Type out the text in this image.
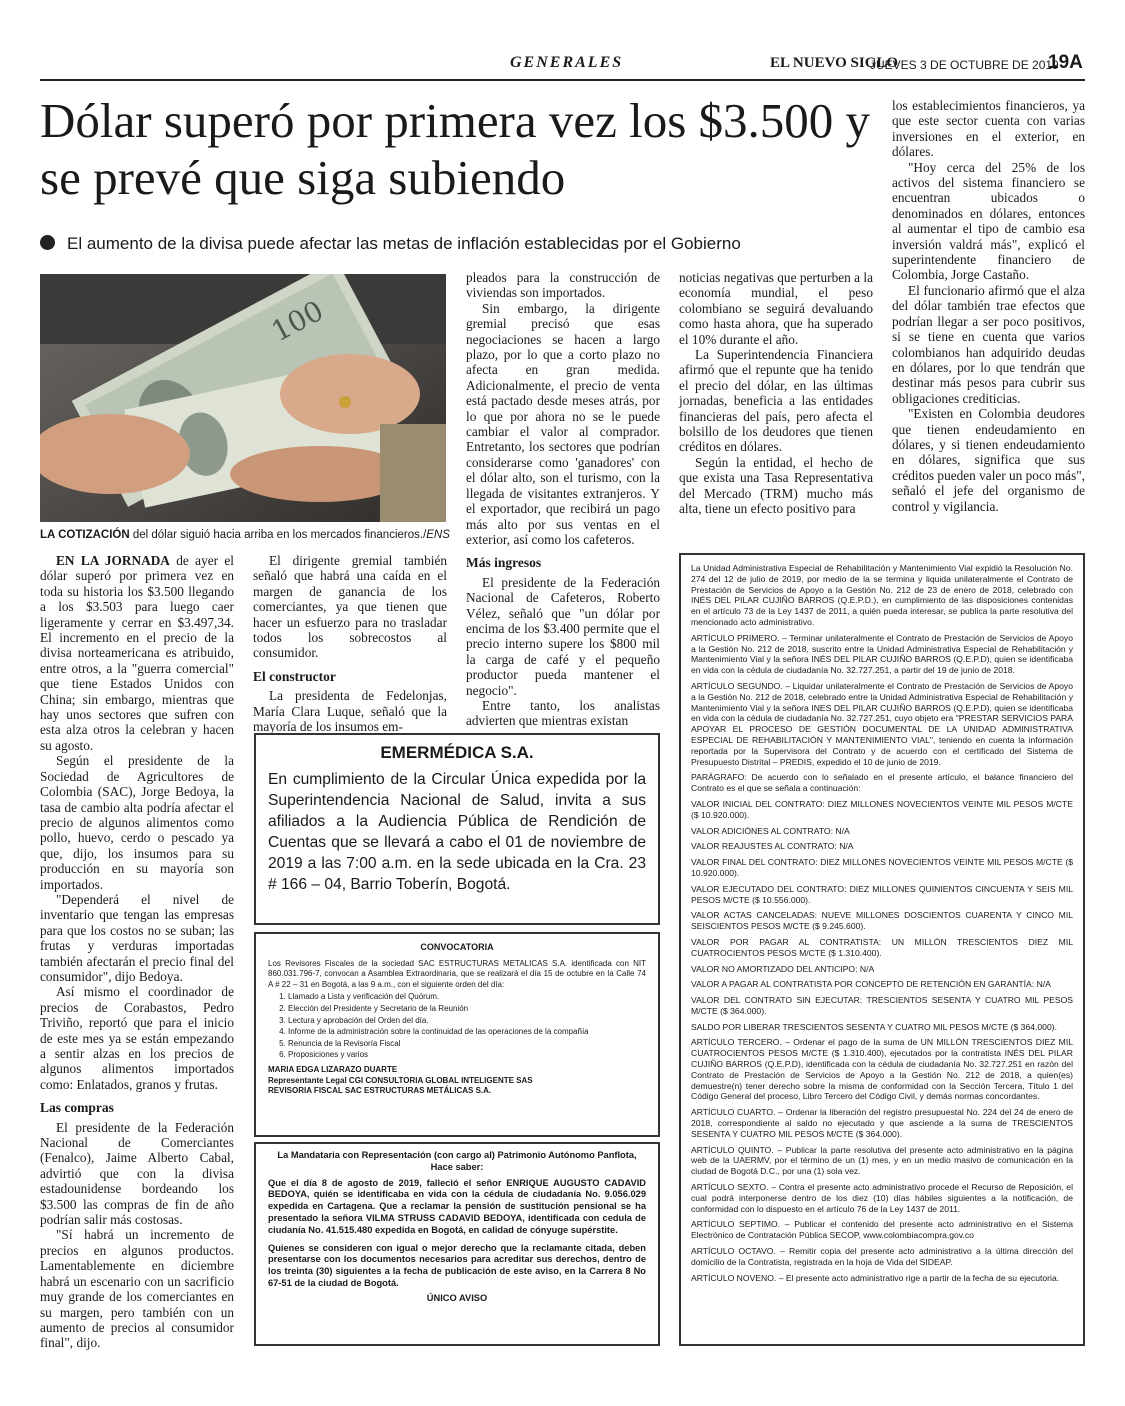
GENERALES	EL NUEVO SIGLO
JUEVES 3 DE OCTUBRE DE 2019
19A
Dólar superó por primera vez los $3.500 y se prevé que siga subiendo
El aumento de la divisa puede afectar las metas de inflación establecidas por el Gobierno
100
LA COTIZACIÓN del dólar siguió hacia arriba en los mercados financieros./ENS

EN LA JORNADA de ayer el dólar superó por primera vez en toda su historia los $3.500 llegando a los $3.503 para luego caer ligeramente y cerrar en $3.497,34. El incremento en el precio de la divisa norteamericana es atribuido, entre otros, a la "guerra comercial" que tiene Estados Unidos con China; sin embargo, mientras que hay unos sectores que sufren con esta alza otros la celebran y hacen su agosto.

Según el presidente de la Sociedad de Agricultores de Colombia (SAC), Jorge Bedoya, la tasa de cambio alta podría afectar el precio de algunos alimentos como pollo, huevo, cerdo o pescado ya que, dijo, los insumos para su producción en su mayoría son importados.

"Dependerá el nivel de inventario que tengan las empresas para que los costos no se suban; las frutas y verduras importadas también afectarán el precio final del consumidor", dijo Bedoya.

Así mismo el coordinador de precios de Corabastos, Pedro Triviño, reportó que para el inicio de este mes ya se están empezando a sentir alzas en los precios de algunos alimentos importados como: Enlatados, granos y frutas.

Las compras

El presidente de la Federación Nacional de Comerciantes (Fenalco), Jaime Alberto Cabal, advirtió que con la divisa estadounidense bordeando los $3.500 las compras de fin de año podrían salir más costosas.

"Sí habrá un incremento de precios en algunos productos. Lamentablemente en diciembre habrá un escenario con un sacrificio muy grande de los comerciantes en su margen, pero también con un aumento de precios al consumidor final", dijo.

El dirigente gremial también señaló que habrá una caída en el margen de ganancia de los comerciantes, ya que tienen que hacer un esfuerzo para no trasladar todos los sobrecostos al consumidor.

El constructor

La presidenta de Fedelonjas, María Clara Luque, señaló que la mayoría de los insumos em-

pleados para la construcción de viviendas son importados.

Sin embargo, la dirigente gremial precisó que esas negociaciones se hacen a largo plazo, por lo que a corto plazo no afecta en gran medida. Adicionalmente, el precio de venta está pactado desde meses atrás, por lo que por ahora no se le puede cambiar el valor al comprador. Entretanto, los sectores que podrían considerarse como 'ganadores' con el dólar alto, son el turismo, con la llegada de visitantes extranjeros. Y el exportador, que recibirá un pago más alto por sus ventas en el exterior, así como los cafeteros.

Más ingresos

El presidente de la Federación Nacional de Cafeteros, Roberto Vélez, señaló que "un dólar por encima de los $3.400 permite que el precio interno supere los $800 mil la carga de café y el pequeño productor pueda mantener el negocio".

Entre tanto, los analistas advierten que mientras existan

noticias negativas que perturben a la economía mundial, el peso colombiano se seguirá devaluando como hasta ahora, que ha superado el 10% durante el año.

La Superintendencia Financiera afirmó que el repunte que ha tenido el precio del dólar, en las últimas jornadas, beneficia a las entidades financieras del país, pero afecta el bolsillo de los deudores que tienen créditos en dólares.

Según la entidad, el hecho de que exista una Tasa Representativa del Mercado (TRM) mucho más alta, tiene un efecto positivo para

los establecimientos financieros, ya que este sector cuenta con varias inversiones en el exterior, en dólares.

"Hoy cerca del 25% de los activos del sistema financiero se encuentran ubicados o denominados en dólares, entonces al aumentar el tipo de cambio esa inversión valdrá más", explicó el superintendente financiero de Colombia, Jorge Castaño.

El funcionario afirmó que el alza del dólar también trae efectos que podrían llegar a ser poco positivos, si se tiene en cuenta que varios colombianos han adquirido deudas en dólares, por lo que tendrán que destinar más pesos para cubrir sus obligaciones crediticias.

"Existen en Colombia deudores que tienen endeudamiento en dólares, y si tienen endeudamiento en dólares, significa que sus créditos pueden valer un poco más", señaló el jefe del organismo de control y vigilancia.

EMERMÉDICA S.A.
En cumplimiento de la Circular Única expedida por la Superintendencia Nacional de Salud, invita a sus afiliados a la Audiencia Pública de Rendición de Cuentas que se llevará a cabo el 01 de noviembre de 2019 a las 7:00 a.m. en la sede ubicada en la Cra. 23 # 166 – 04, Barrio Toberín, Bogotá.
CONVOCATORIA
Los Revisores Fiscales de la sociedad SAC ESTRUCTURAS METALICAS S.A. identificada con NIT 860.031.796-7, convocan a Asamblea Extraordinaria, que se realizará el día 15 de octubre en la Calle 74 A # 22 – 31 en Bogotá, a las 9 a.m., con el siguiente orden del día:
1. Llamado a Lista y verificación del Quórum.
2. Elección del Presidente y Secretario de la Reunión
3. Lectura y aprobación del Orden del día.
4. Informe de la administración sobre la continuidad de las operaciones de la compañía
5. Renuncia de la Revisoría Fiscal
6. Proposiciones y varios
MARIA EDGA LIZARAZO DUARTE
Representante Legal CGI CONSULTORIA GLOBAL INTELIGENTE SAS
REVISORIA FISCAL SAC ESTRUCTURAS METÁLICAS S.A.
La Mandataria con Representación (con cargo al) Patrimonio Autónomo Panflota,
Hace saber:
Que el día 8 de agosto de 2019, falleció el señor ENRIQUE AUGUSTO CADAVID BEDOYA, quién se identificaba en vida con la cédula de ciudadanía No. 9.056.029 expedida en Cartagena. Que a reclamar la pensión de sustitución pensional se ha presentado la señora VILMA STRUSS CADAVID BEDOYA, identificada con cedula de ciudanía No. 41.515.480 expedida en Bogotá, en calidad de cónyuge supérstite.
Quienes se consideren con igual o mejor derecho que la reclamante citada, deben presentarse con los documentos necesarios para acreditar sus derechos, dentro de los treinta (30) siguientes a la fecha de publicación de este aviso, en la Carrera 8 No 67-51 de la ciudad de Bogotá.
ÚNICO AVISO

La Unidad Administrativa Especial de Rehabilitación y Mantenimiento Vial expidió la Resolución No. 274 del 12 de julio de 2019, por medio de la se termina y liquida unilateralmente el Contrato de Prestación de Servicios de Apoyo a la Gestión No. 212 de 23 de enero de 2018, celebrado con INÉS DEL PILAR CUJIÑO BARROS (Q.E.P.D.), en cumplimiento de las disposiciones contenidas en el artículo 73 de la Ley 1437 de 2011, a quién pueda interesar, se publica la parte resolutiva del mencionado acto administrativo.

ARTÍCULO PRIMERO. – Terminar unilateralmente el Contrato de Prestación de Servicios de Apoyo a la Gestión No. 212 de 2018, suscrito entre la Unidad Administrativa Especial de Rehabilitación y Mantenimiento Vial y la señora INÉS DEL PILAR CUJIÑO BARROS (Q.E.P.D), quien se identificaba en vida con la cédula de ciudadanía No. 32.727.251, a partir del 19 de junio de 2018.

ARTÍCULO SEGUNDO. – Liquidar unilateralmente el Contrato de Prestación de Servicios de Apoyo a la Gestión No. 212 de 2018, celebrado entre la Unidad Administrativa Especial de Rehabilitación y Mantenimiento Vial y la señora INES DEL PILAR CUJIÑO BARROS (Q.E.P.D), quien se identificaba en vida con la cédula de ciudadanía No. 32.727.251, cuyo objeto era "PRESTAR SERVICIOS PARA APOYAR EL PROCESO DE GESTIÓN DOCUMENTAL DE LA UNIDAD ADMINISTRATIVA ESPECIAL DE REHABILITACIÓN Y MANTENIMIENTO VIAL", teniendo en cuenta la información reportada por la Supervisora del Contrato y de acuerdo con el certificado del Sistema de Presupuesto Distrital – PREDIS, expedido el 10 de junio de 2019.

PARÁGRAFO: De acuerdo con lo señalado en el presente artículo, el balance financiero del Contrato es el que se señala a continuación:

VALOR INICIAL DEL CONTRATO: DIEZ MILLONES NOVECIENTOS VEINTE MIL PESOS M/CTE ($ 10.920.000).

VALOR ADICIÓNES AL CONTRATO: N/A

VALOR REAJUSTES AL CONTRATO: N/A

VALOR FINAL DEL CONTRATO: DIEZ MILLONES NOVECIENTOS VEINTE MIL PESOS M/CTE ($ 10.920.000).

VALOR EJECUTADO DEL CONTRATO: DIEZ MILLONES QUINIENTOS CINCUENTA Y SEIS MIL PESOS M/CTE ($ 10.556.000).

VALOR ACTAS CANCELADAS: NUEVE MILLONES DOSCIENTOS CUARENTA Y CINCO MIL SEISCIENTOS PESOS M/CTE ($ 9.245.600).

VALOR POR PAGAR AL CONTRATISTA: UN MILLÓN TRESCIENTOS DIEZ MIL CUATROCIENTOS PESOS M/CTE ($ 1.310.400).

VALOR NO AMORTIZADO DEL ANTICIPO: N/A

VALOR A PAGAR AL CONTRATISTA POR CONCEPTO DE RETENCIÓN EN GARANTÍA: N/A

VALOR DEL CONTRATO SIN EJECUTAR: TRESCIENTOS SESENTA Y CUATRO MIL PESOS M/CTE ($ 364.000).

SALDO POR LIBERAR TRESCIENTOS SESENTA Y CUATRO MIL PESOS M/CTE ($ 364.000).

ARTÍCULO TERCERO. – Ordenar el pago de la suma de UN MILLÓN TRESCIENTOS DIEZ MIL CUATROCIENTOS PESOS M/CTE ($ 1.310.400), ejecutados por la contratista INÉS DEL PILAR CUJIÑO BARROS (Q.E.P.D), identificada con la cédula de ciudadanía No. 32.727.251 en razón del Contrato de Prestación de Servicios de Apoyo a la Gestión No. 212 de 2018, a quien(es) demuestre(n) tener derecho sobre la misma de conformidad con la Sección Tercera, Título 1 del Código General del proceso, Libro Tercero del Código Civil, y demás normas concordantes.

ARTÍCULO CUARTO. – Ordenar la liberación del registro presupuestal No. 224 del 24 de enero de 2018, correspondiente al saldo no ejecutado y que asciende a la suma de TRESCIENTOS SESENTA Y CUATRO MIL PESOS M/CTE ($ 364.000).

ARTÍCULO QUINTO. – Publicar la parte resolutiva del presente acto administrativo en la página web de la UAERMV, por el término de un (1) mes, y en un medio masivo de comunicación en la ciudad de Bogotá D.C., por una (1) sola vez.

ARTÍCULO SEXTO. – Contra el presente acto administrativo procede el Recurso de Reposición, el cual podrá interponerse dentro de los diez (10) días hábiles siguientes a la notificación, de conformidad con lo dispuesto en el artículo 76 de la Ley 1437 de 2011.

ARTÍCULO SEPTIMO. – Publicar el contenido del presente acto administrativo en el Sistema Electrónico de Contratación Pública SECOP, www.colombiacompra.gov.co

ARTÍCULO OCTAVO. – Remitir copia del presente acto administrativo a la última dirección del domicilio de la Contratista, registrada en la hoja de Vida del SIDEAP.

ARTÍCULO NOVENO. – El presente acto administrativo rige a partir de la fecha de su ejecutoria.
